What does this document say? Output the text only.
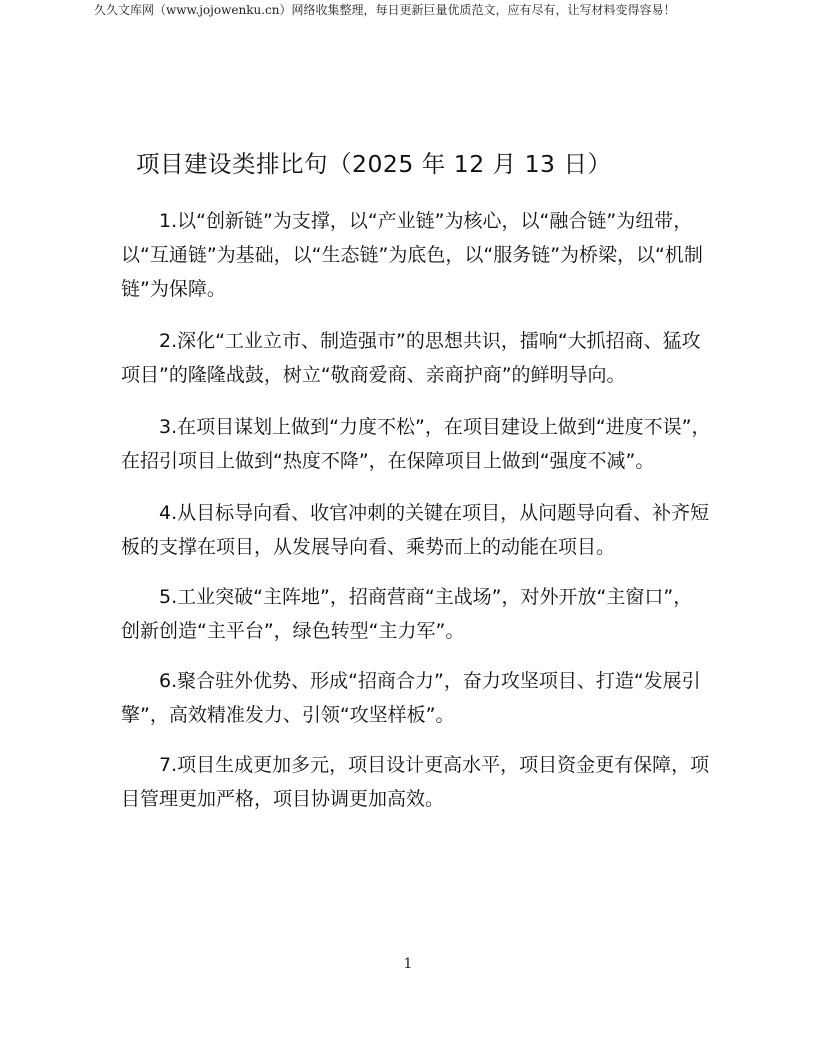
久久文库网（www.jojowenku.cn）网络收集整理，每日更新巨量优质范文，应有尽有，让写材料变得容易！
项目建设类排比句（2025 年 12 月 13 日）

1.以“创新链”为支撑，以“产业链”为核心，以“融合链”为纽带，以“互通链”为基础，以“生态链”为底色，以“服务链”为桥梁，以“机制链”为保障。

2.深化“工业立市、制造强市”的思想共识，擂响“大抓招商、猛攻项目”的隆隆战鼓，树立“敬商爱商、亲商护商”的鲜明导向。

3.在项目谋划上做到“力度不松”，在项目建设上做到“进度不误”，在招引项目上做到“热度不降”，在保障项目上做到“强度不减”。

4.从目标导向看、收官冲刺的关键在项目，从问题导向看、补齐短板的支撑在项目，从发展导向看、乘势而上的动能在项目。

5.工业突破“主阵地”，招商营商“主战场”，对外开放“主窗口”，创新创造“主平台”，绿色转型“主力军”。

6.聚合驻外优势、形成“招商合力”，奋力攻坚项目、打造“发展引擎”，高效精准发力、引领“攻坚样板”。

7.项目生成更加多元，项目设计更高水平，项目资金更有保障，项目管理更加严格，项目协调更加高效。

1
